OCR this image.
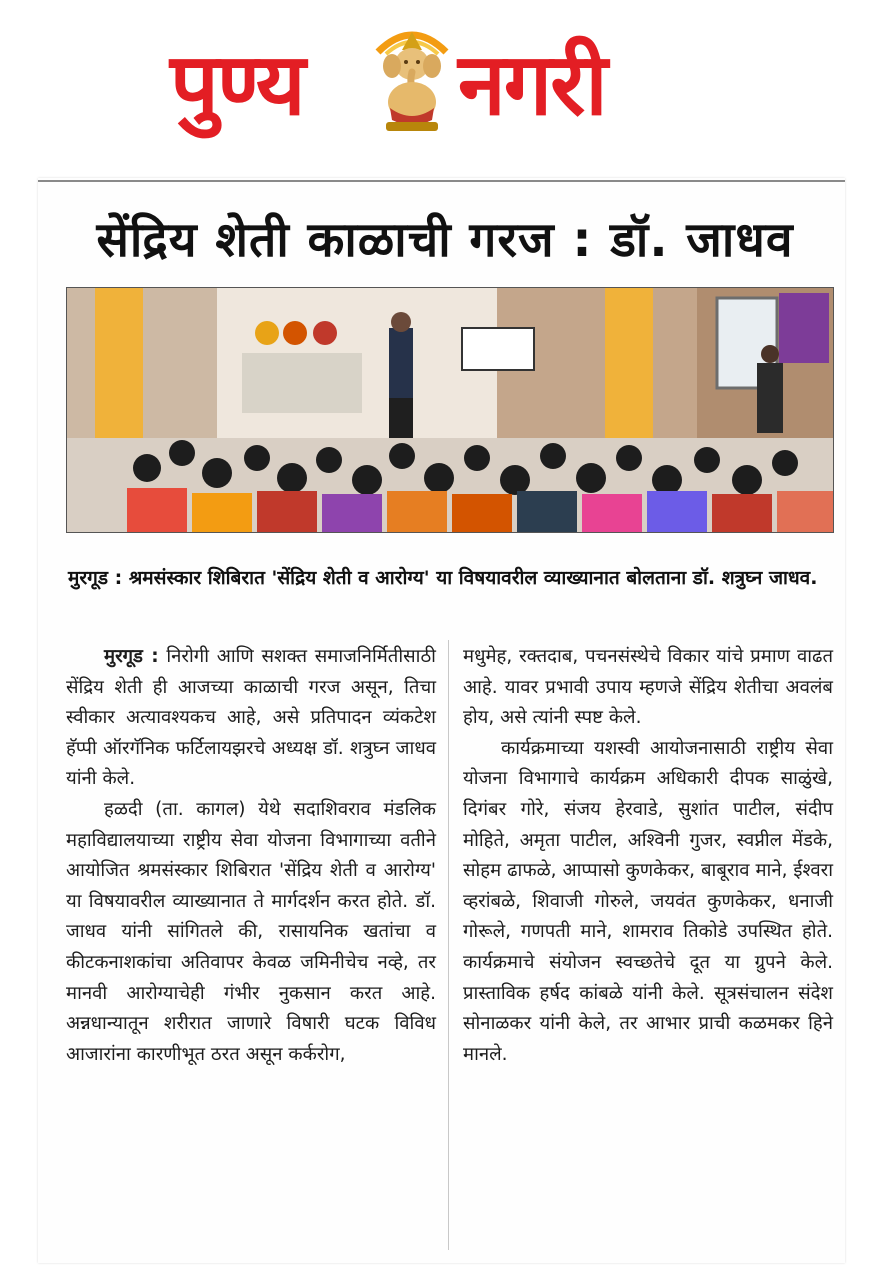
पुण्य नगरी
सेंद्रिय शेती काळाची गरज : डॉ. जाधव
मुरगूड : श्रमसंस्कार शिबिरात 'सेंद्रिय शेती व आरोग्य' या विषयावरील व्याख्यानात बोलताना डॉ. शत्रुघ्न जाधव.

मुरगूड : निरोगी आणि सशक्त समाजनिर्मितीसाठी सेंद्रिय शेती ही आजच्या काळाची गरज असून, तिचा स्वीकार अत्यावश्यकच आहे, असे प्रतिपादन व्यंकटेश हॅप्पी ऑरगॅनिक फर्टिलायझरचे अध्यक्ष डॉ. शत्रुघ्न जाधव यांनी केले.

हळदी (ता. कागल) येथे सदाशिवराव मंडलिक महाविद्यालयाच्या राष्ट्रीय सेवा योजना विभागाच्या वतीने आयोजित श्रमसंस्कार शिबिरात 'सेंद्रिय शेती व आरोग्य' या विषयावरील व्याख्यानात ते मार्गदर्शन करत होते. डॉ. जाधव यांनी सांगितले की, रासायनिक खतांचा व कीटकनाशकांचा अतिवापर केवळ जमिनीचेच नव्हे, तर मानवी आरोग्याचेही गंभीर नुकसान करत आहे. अन्नधान्यातून शरीरात जाणारे विषारी घटक विविध आजारांना कारणीभूत ठरत असून कर्करोग,

मधुमेह, रक्तदाब, पचनसंस्थेचे विकार यांचे प्रमाण वाढत आहे. यावर प्रभावी उपाय म्हणजे सेंद्रिय शेतीचा अवलंब होय, असे त्यांनी स्पष्ट केले.

कार्यक्रमाच्या यशस्वी आयोजनासाठी राष्ट्रीय सेवा योजना विभागाचे कार्यक्रम अधिकारी दीपक साळुंखे, दिगंबर गोरे, संजय हेरवाडे, सुशांत पाटील, संदीप मोहिते, अमृता पाटील, अश्विनी गुजर, स्वप्नील मेंडके, सोहम ढाफळे, आप्पासो कुणकेकर, बाबूराव माने, ईश्वरा व्हरांबळे, शिवाजी गोरुले, जयवंत कुणकेकर, धनाजी गोरूले, गणपती माने, शामराव तिकोडे उपस्थित होते. कार्यक्रमाचे संयोजन स्वच्छतेचे दूत या ग्रुपने केले. प्रास्ताविक हर्षद कांबळे यांनी केले. सूत्रसंचालन संदेश सोनाळकर यांनी केले, तर आभार प्राची कळमकर हिने मानले.
